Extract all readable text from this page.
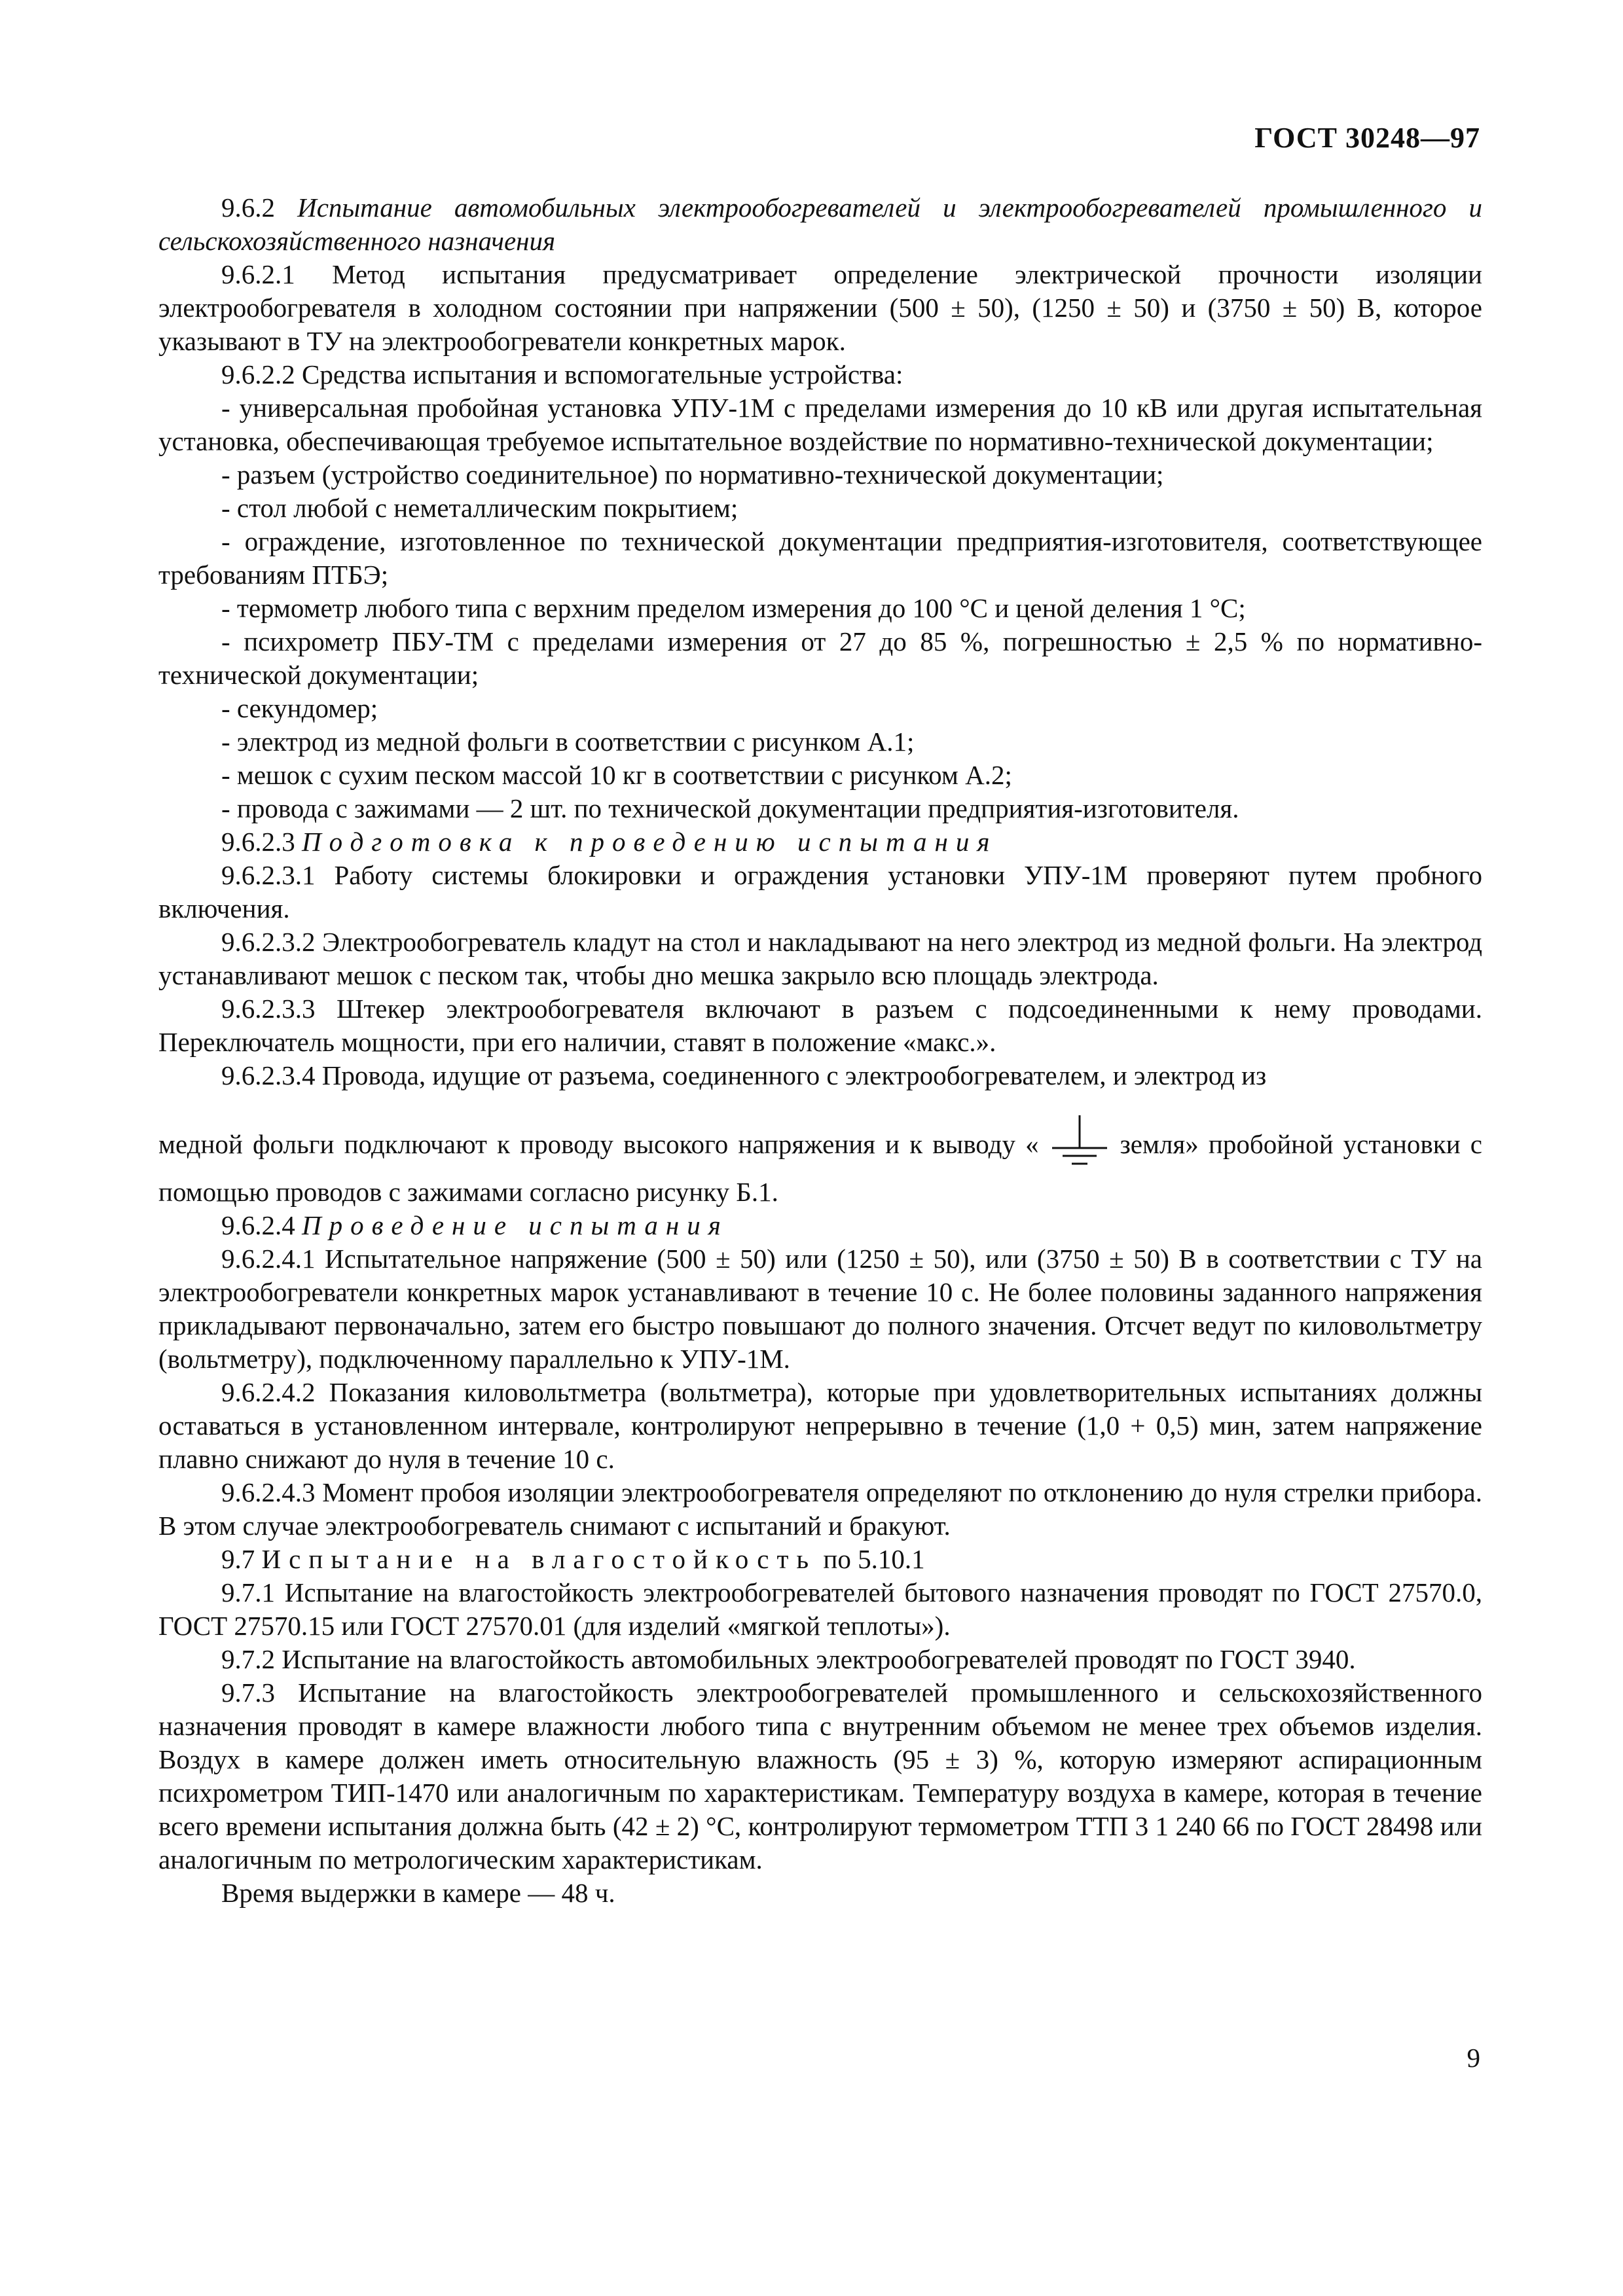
ГОСТ 30248—97

9.6.2 Испытание автомобильных электрообогревателей и электрообогревателей промышленного и сельскохозяйственного назначения

9.6.2.1 Метод испытания предусматривает определение электрической прочности изоляции электрообогревателя в холодном состоянии при напряжении (500 ± 50), (1250 ± 50) и (3750 ± 50) В, которое указывают в ТУ на электрообогреватели конкретных марок.

9.6.2.2 Средства испытания и вспомогательные устройства:

- универсальная пробойная установка УПУ-1М с пределами измерения до 10 кВ или другая испытательная установка, обеспечивающая требуемое испытательное воздействие по нормативно-технической документации;

- разъем (устройство соединительное) по нормативно-технической документации;

- стол любой с неметаллическим покрытием;

- ограждение, изготовленное по технической документации предприятия-изготовителя, соответствующее требованиям ПТБЭ;

- термометр любого типа с верхним пределом измерения до 100 °С и ценой деления 1 °С;

- психрометр ПБУ-ТМ с пределами измерения от 27 до 85 %, погрешностью ± 2,5 % по нормативно-технической документации;

- секундомер;

- электрод из медной фольги в соответствии с рисунком А.1;

- мешок с сухим песком массой 10 кг в соответствии с рисунком А.2;

- провода с зажимами — 2 шт. по технической документации предприятия-изготовителя.

9.6.2.3 Подготовка к проведению испытания

9.6.2.3.1 Работу системы блокировки и ограждения установки УПУ-1М проверяют путем пробного включения.

9.6.2.3.2 Электрообогреватель кладут на стол и накладывают на него электрод из медной фольги. На электрод устанавливают мешок с песком так, чтобы дно мешка закрыло всю площадь электрода.

9.6.2.3.3 Штекер электрообогревателя включают в разъем с подсоединенными к нему проводами. Переключатель мощности, при его наличии, ставят в положение «макс.».

9.6.2.3.4 Провода, идущие от разъема, соединенного с электрообогревателем, и электрод из

медной фольги подключают к проводу высокого напряжения и к выводу «	земля» пробойной установки с помощью проводов с зажимами согласно рисунку Б.1.

9.6.2.4 Проведение испытания

9.6.2.4.1 Испытательное напряжение (500 ± 50) или (1250 ± 50), или (3750 ± 50) В в соответствии с ТУ на электрообогреватели конкретных марок устанавливают в течение 10 с. Не более половины заданного напряжения прикладывают первоначально, затем его быстро повышают до полного значения. Отсчет ведут по киловольтметру (вольтметру), подключенному параллельно к УПУ-1М.

9.6.2.4.2 Показания киловольтметра (вольтметра), которые при удовлетворительных испытаниях должны оставаться в установленном интервале, контролируют непрерывно в течение (1,0 + 0,5) мин, затем напряжение плавно снижают до нуля в течение 10 с.

9.6.2.4.3 Момент пробоя изоляции электрообогревателя определяют по отклонению до нуля стрелки прибора. В этом случае электрообогреватель снимают с испытаний и бракуют.

9.7 Испытание на влагостойкость по 5.10.1

9.7.1 Испытание на влагостойкость электрообогревателей бытового назначения проводят по ГОСТ 27570.0, ГОСТ 27570.15 или ГОСТ 27570.01 (для изделий «мягкой теплоты»).

9.7.2 Испытание на влагостойкость автомобильных электрообогревателей проводят по ГОСТ 3940.

9.7.3 Испытание на влагостойкость электрообогревателей промышленного и сельскохозяйственного назначения проводят в камере влажности любого типа с внутренним объемом не менее трех объемов изделия. Воздух в камере должен иметь относительную влажность (95 ± 3) %, которую измеряют аспирационным психрометром ТИП-1470 или аналогичным по характеристикам. Температуру воздуха в камере, которая в течение всего времени испытания должна быть (42 ± 2) °С, контролируют термометром ТТП 3 1 240 66 по ГОСТ 28498 или аналогичным по метрологическим характеристикам.

Время выдержки в камере — 48 ч.

9
